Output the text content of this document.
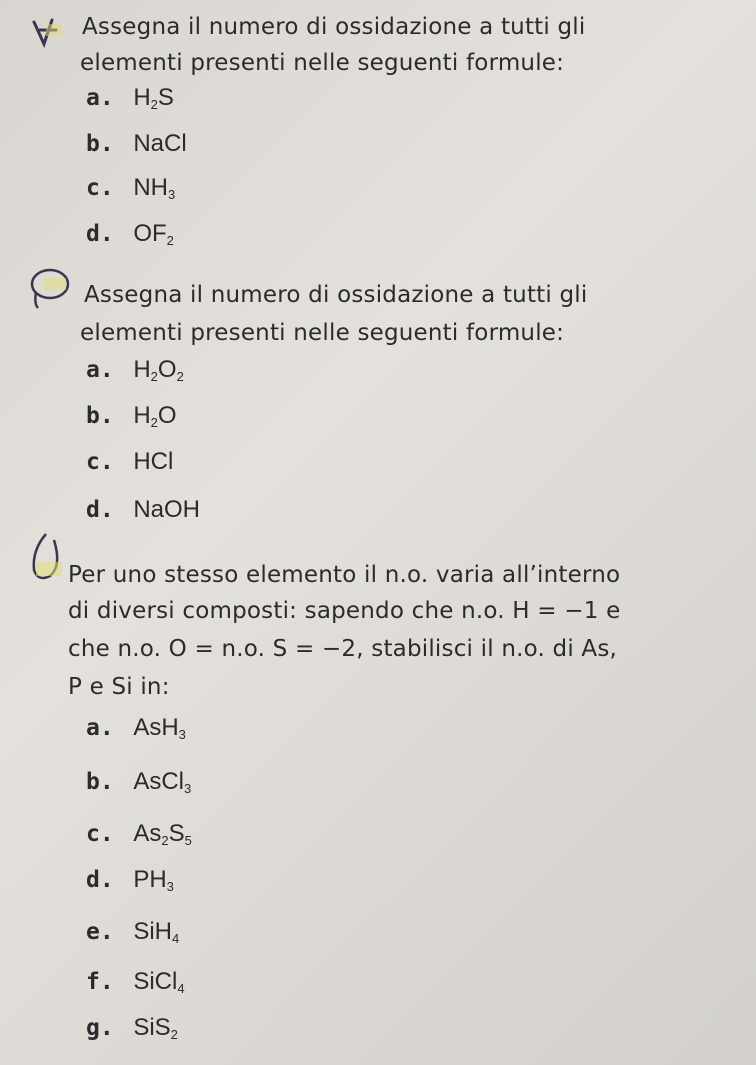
Assegna il numero di ossidazione a tutti gli
elementi presenti nelle seguenti formule:
a. $H_2S$
b. NaCl
c. $NH_3$
d. $OF_2$
Assegna il numero di ossidazione a tutti gli
elementi presenti nelle seguenti formule:
a. $H_2O_2$
b. $H_2O$
c. HCl
d. NaOH
Per uno stesso elemento il n.o. varia all’interno
di diversi composti: sapendo che n.o. H = −1 e
che n.o. O = n.o. S = −2, stabilisci il n.o. di As,
P e Si in:
a. AsH$_3$
b. AsCl$_3$
c. $As_2S_5$
d. $PH_3$
e. SiH$_4$
f. SiCl$_4$
g. SiS$_2$
